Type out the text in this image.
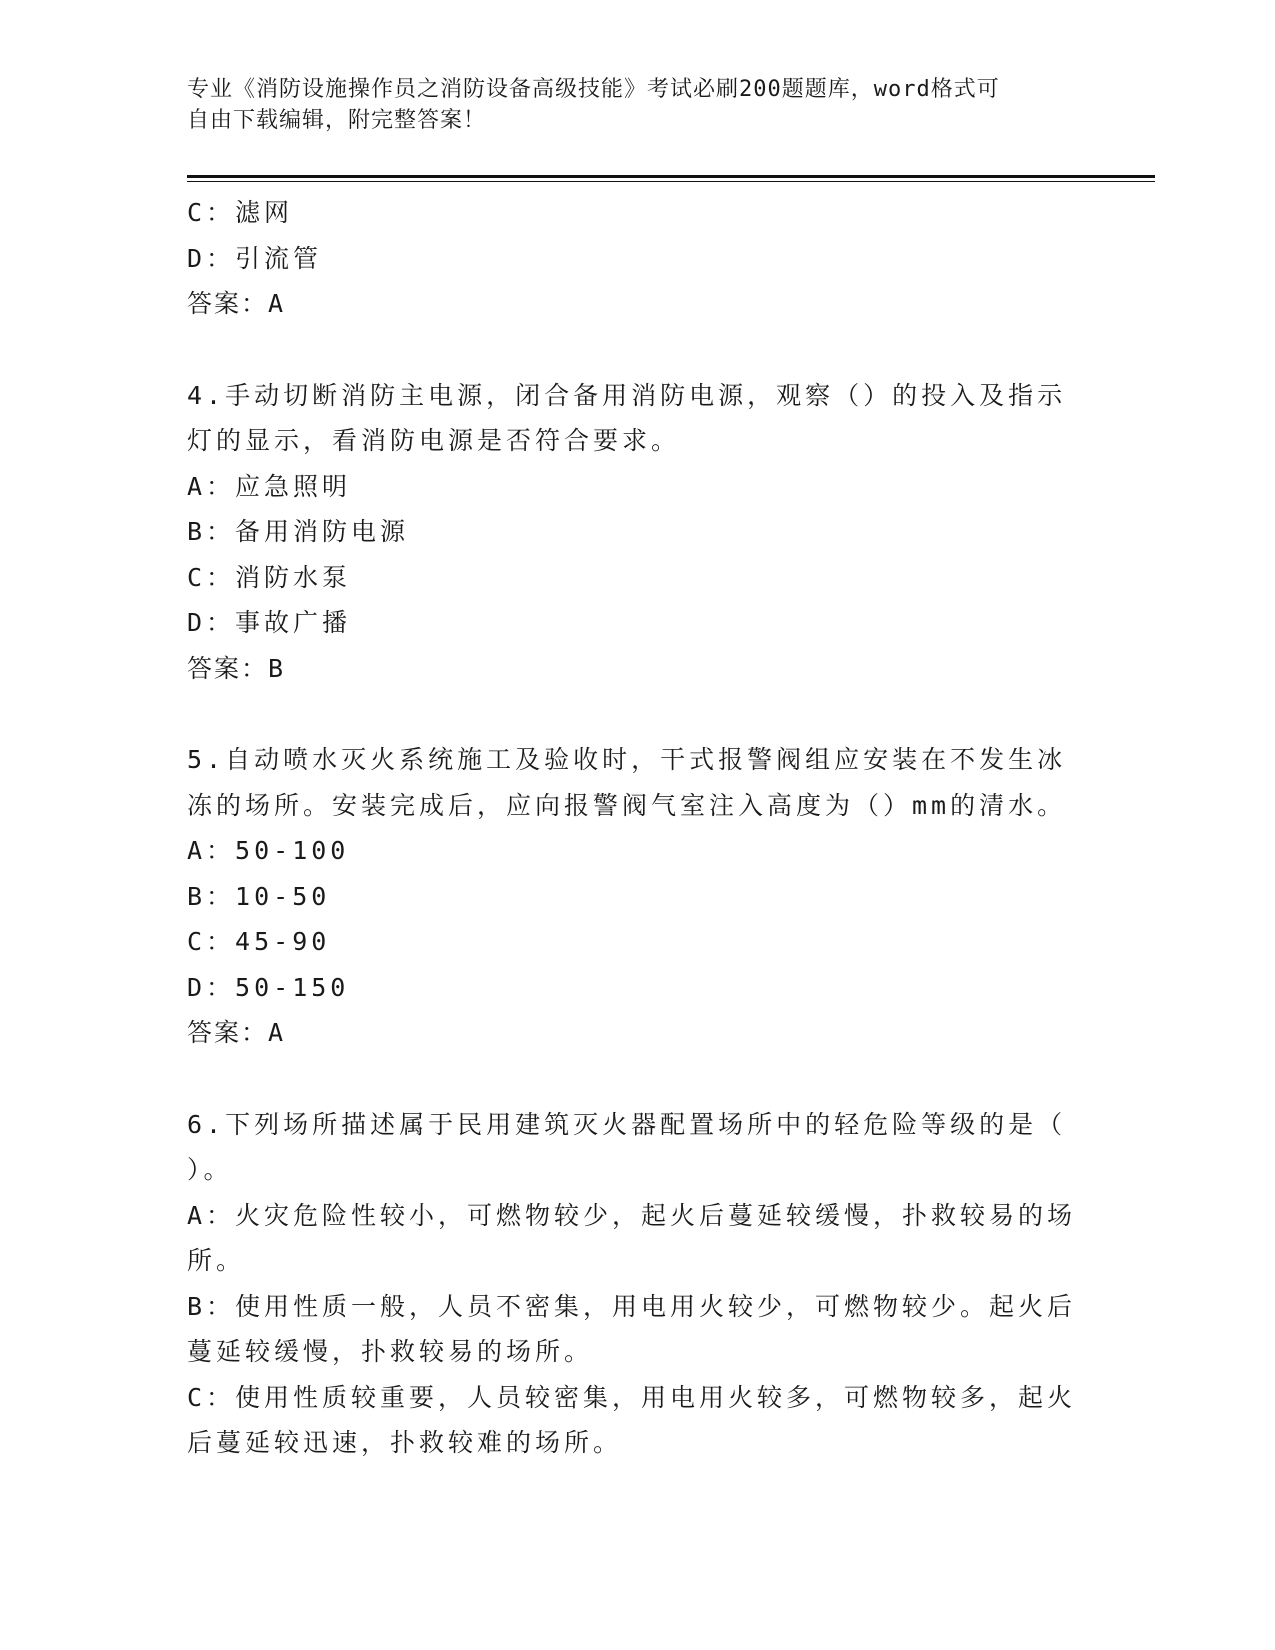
专业《消防设施操作员之消防设备高级技能》考试必刷200题题库，word格式可
自由下载编辑，附完整答案！
C：滤网
D：引流管
答案：A
4.手动切断消防主电源，闭合备用消防电源，观察（）的投入及指示
灯的显示，看消防电源是否符合要求。
A：应急照明
B：备用消防电源
C：消防水泵
D：事故广播
答案：B
5.自动喷水灭火系统施工及验收时，干式报警阀组应安装在不发生冰
冻的场所。安装完成后，应向报警阀气室注入高度为（）mm的清水。
A：50-100
B：10-50
C：45-90
D：50-150
答案：A
6.下列场所描述属于民用建筑灭火器配置场所中的轻危险等级的是（
）。
A：火灾危险性较小，可燃物较少，起火后蔓延较缓慢，扑救较易的场
所。
B：使用性质一般，人员不密集，用电用火较少，可燃物较少。起火后
蔓延较缓慢，扑救较易的场所。
C：使用性质较重要，人员较密集，用电用火较多，可燃物较多，起火
后蔓延较迅速，扑救较难的场所。
